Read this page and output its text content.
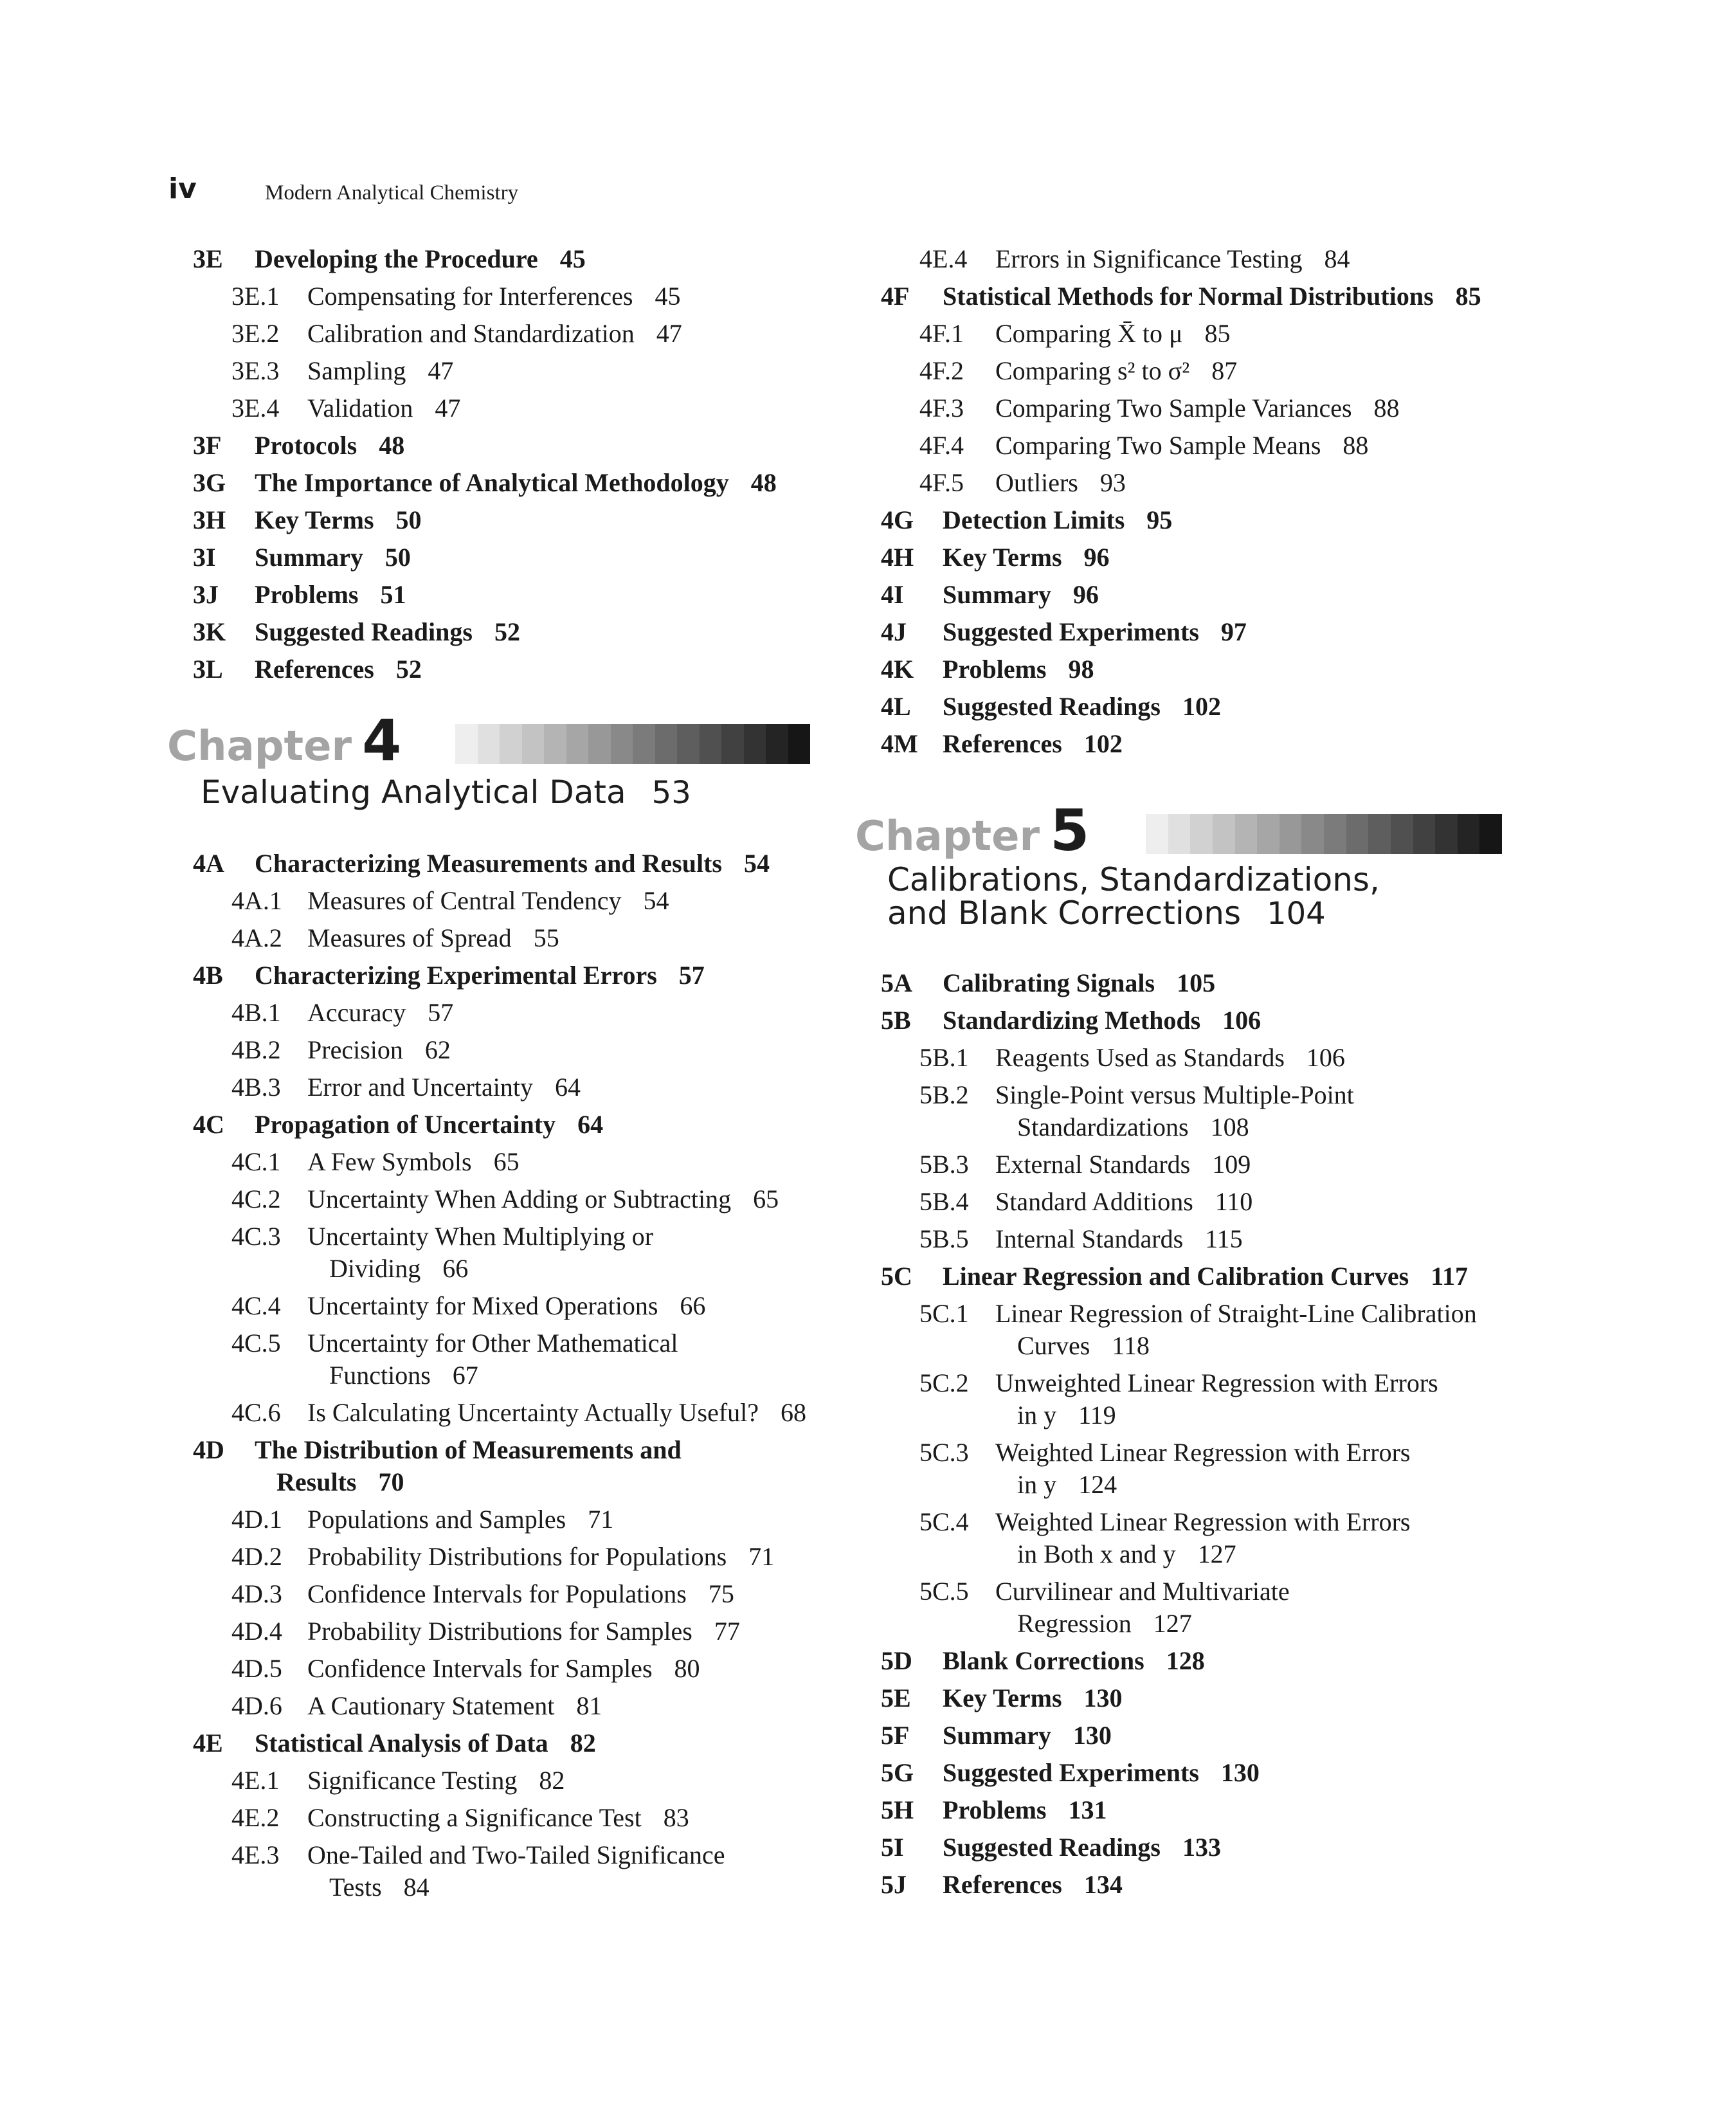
iv	Modern Analytical Chemistry
3E Developing the Procedure 45
3E.1 Compensating for Interferences 45
3E.2 Calibration and Standardization 47
3E.3 Sampling 47
3E.4 Validation 47
3F Protocols 48
3G The Importance of Analytical Methodology 48
3H Key Terms 50
3I Summary 50
3J Problems 51
3K Suggested Readings 52
3L References 52
Chapter 4
Evaluating Analytical Data 53
4A Characterizing Measurements and Results 54
4A.1 Measures of Central Tendency 54
4A.2 Measures of Spread 55
4B Characterizing Experimental Errors 57
4B.1 Accuracy 57
4B.2 Precision 62
4B.3 Error and Uncertainty 64
4C Propagation of Uncertainty 64
4C.1 A Few Symbols 65
4C.2 Uncertainty When Adding or Subtracting 65
4C.3 Uncertainty When Multiplying or
Dividing 66
4C.4 Uncertainty for Mixed Operations 66
4C.5 Uncertainty for Other Mathematical
Functions 67
4C.6 Is Calculating Uncertainty Actually Useful? 68
4D The Distribution of Measurements and
Results 70
4D.1 Populations and Samples 71
4D.2 Probability Distributions for Populations 71
4D.3 Confidence Intervals for Populations 75
4D.4 Probability Distributions for Samples 77
4D.5 Confidence Intervals for Samples 80
4D.6 A Cautionary Statement 81
4E Statistical Analysis of Data 82
4E.1 Significance Testing 82
4E.2 Constructing a Significance Test 83
4E.3 One-Tailed and Two-Tailed Significance
Tests 84
4E.4 Errors in Significance Testing 84
4F Statistical Methods for Normal Distributions 85
4F.1 Comparing X̄ to μ 85
4F.2 Comparing s² to σ² 87
4F.3 Comparing Two Sample Variances 88
4F.4 Comparing Two Sample Means 88
4F.5 Outliers 93
4G Detection Limits 95
4H Key Terms 96
4I Summary 96
4J Suggested Experiments 97
4K Problems 98
4L Suggested Readings 102
4M References 102
Chapter 5
Calibrations, Standardizations,
and Blank Corrections 104
5A Calibrating Signals 105
5B Standardizing Methods 106
5B.1 Reagents Used as Standards 106
5B.2 Single-Point versus Multiple-Point
Standardizations 108
5B.3 External Standards 109
5B.4 Standard Additions 110
5B.5 Internal Standards 115
5C Linear Regression and Calibration Curves 117
5C.1 Linear Regression of Straight-Line Calibration
Curves 118
5C.2 Unweighted Linear Regression with Errors
in y 119
5C.3 Weighted Linear Regression with Errors
in y 124
5C.4 Weighted Linear Regression with Errors
in Both x and y 127
5C.5 Curvilinear and Multivariate
Regression 127
5D Blank Corrections 128
5E Key Terms 130
5F Summary 130
5G Suggested Experiments 130
5H Problems 131
5I Suggested Readings 133
5J References 134
